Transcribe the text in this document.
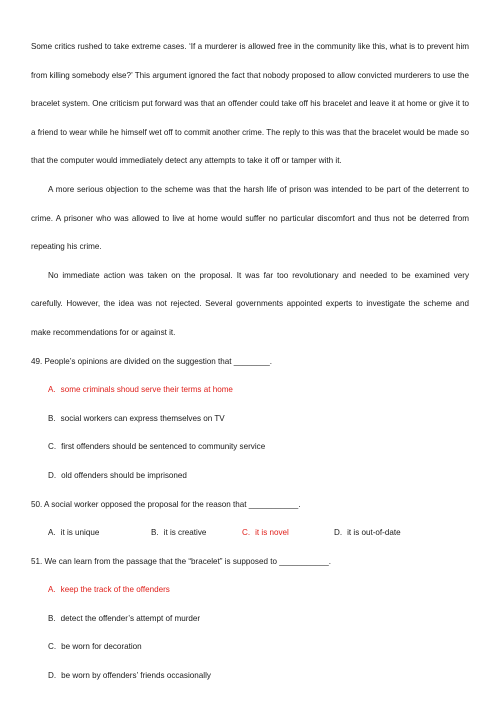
Some critics rushed to take extreme cases. ‘If a murderer is allowed free in the community like this, what is to prevent him from killing somebody else?’ This argument ignored the fact that nobody proposed to allow convicted murderers to use the bracelet system. One criticism put forward was that an offender could take off his bracelet and leave it at home or give it to a friend to wear while he himself wet off to commit another crime. The reply to this was that the bracelet would be made so that the computer would immediately detect any attempts to take it off or tamper with it.

A more serious objection to the scheme was that the harsh life of prison was intended to be part of the deterrent to crime. A prisoner who was allowed to live at home would suffer no particular discomfort and thus not be deterred from repeating his crime.

No immediate action was taken on the proposal. It was far too revolutionary and needed to be examined very carefully. However, the idea was not rejected. Several governments appointed experts to investigate the scheme and make recommendations for or against it.

49. People’s opinions are divided on the suggestion that ________.

A. some criminals shoud serve their terms at home

B. social workers can express themselves on TV

C. first offenders should be sentenced to community service

D. old offenders should be imprisoned

50. A social worker opposed the proposal for the reason that ___________.

A. it is unique	B. it is creative	C. it is novel	D. it is out-of-date

51. We can learn from the passage that the “bracelet” is supposed to ___________.

A. keep the track of the offenders

B. detect the offender’s attempt of murder

C. be worn for decoration

D. be worn by offenders’ friends occasionally
